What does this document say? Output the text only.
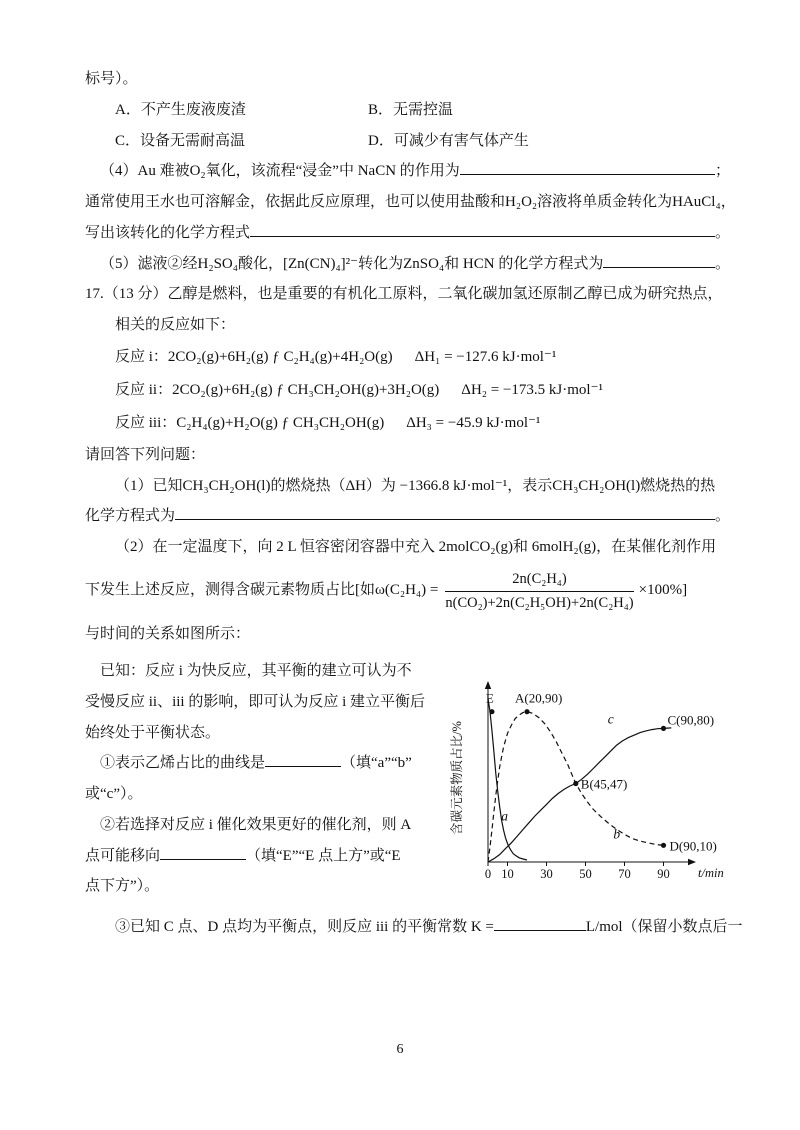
标号）。

A．不产生废液废渣	B．无需控温
C．设备无需耐高温	D．可减少有害气体产生

（4）Au 难被O₂氧化，该流程“浸金”中 NaCN 的作用为	；

通常使用王水也可溶解金，依据此反应原理，也可以使用盐酸和H₂O₂溶液将单质金转化为HAuCl₄，

写出该转化的化学方程式	。

（5）滤液②经H₂SO₄酸化，[Zn(CN)₄]²⁻转化为ZnSO₄和 HCN 的化学方程式为	。

17.（13 分）乙醇是燃料，也是重要的有机化工原料，二氧化碳加氢还原制乙醇已成为研究热点，

相关的反应如下：

反应 i：2CO₂(g)+6H₂(g) ƒ C₂H₄(g)+4H₂O(g) ΔH₁ = −127.6 kJ·mol⁻¹

反应 ii：2CO₂(g)+6H₂(g) ƒ CH₃CH₂OH(g)+3H₂O(g) ΔH₂ = −173.5 kJ·mol⁻¹

反应 iii：C₂H₄(g)+H₂O(g) ƒ CH₃CH₂OH(g) ΔH₃ = −45.9 kJ·mol⁻¹

请回答下列问题：

（1）已知CH₃CH₂OH(l)的燃烧热（ΔH）为 −1366.8 kJ·mol⁻¹，表示CH₃CH₂OH(l)燃烧热的热

化学方程式为	。

（2）在一定温度下，向 2 L 恒容密闭容器中充入 2molCO₂(g)和 6molH₂(g)，在某催化剂作用

下发生上述反应，测得含碳元素物质占比[如 $\omega(C_2H_4) = \frac{\text{2n(C₂H₄)}}{\text{n(CO₂)+2n(C₂H₅OH)+2n(C₂H₄)}} \times 100\%$]

与时间的关系如图所示：

已知：反应 i 为快反应，其平衡的建立可认为不

受慢反应 ii、iii 的影响，即可认为反应 i 建立平衡后

始终处于平衡状态。

①表示乙烯占比的曲线是	（填“a”“b”

或“c”）。

②若选择对反应 i 催化效果更好的催化剂，则 A

点可能移向	（填“E”“E 点上方”或“E

点下方”）。

含碳元素物质占比/%
t/min
0 10 30 50 70 90
a
b
c
E A(20,90)
B(45,47)
C(90,80)
D(90,10)

③已知 C 点、D 点均为平衡点，则反应 iii 的平衡常数 K =	L/mol（保留小数点后一

6
